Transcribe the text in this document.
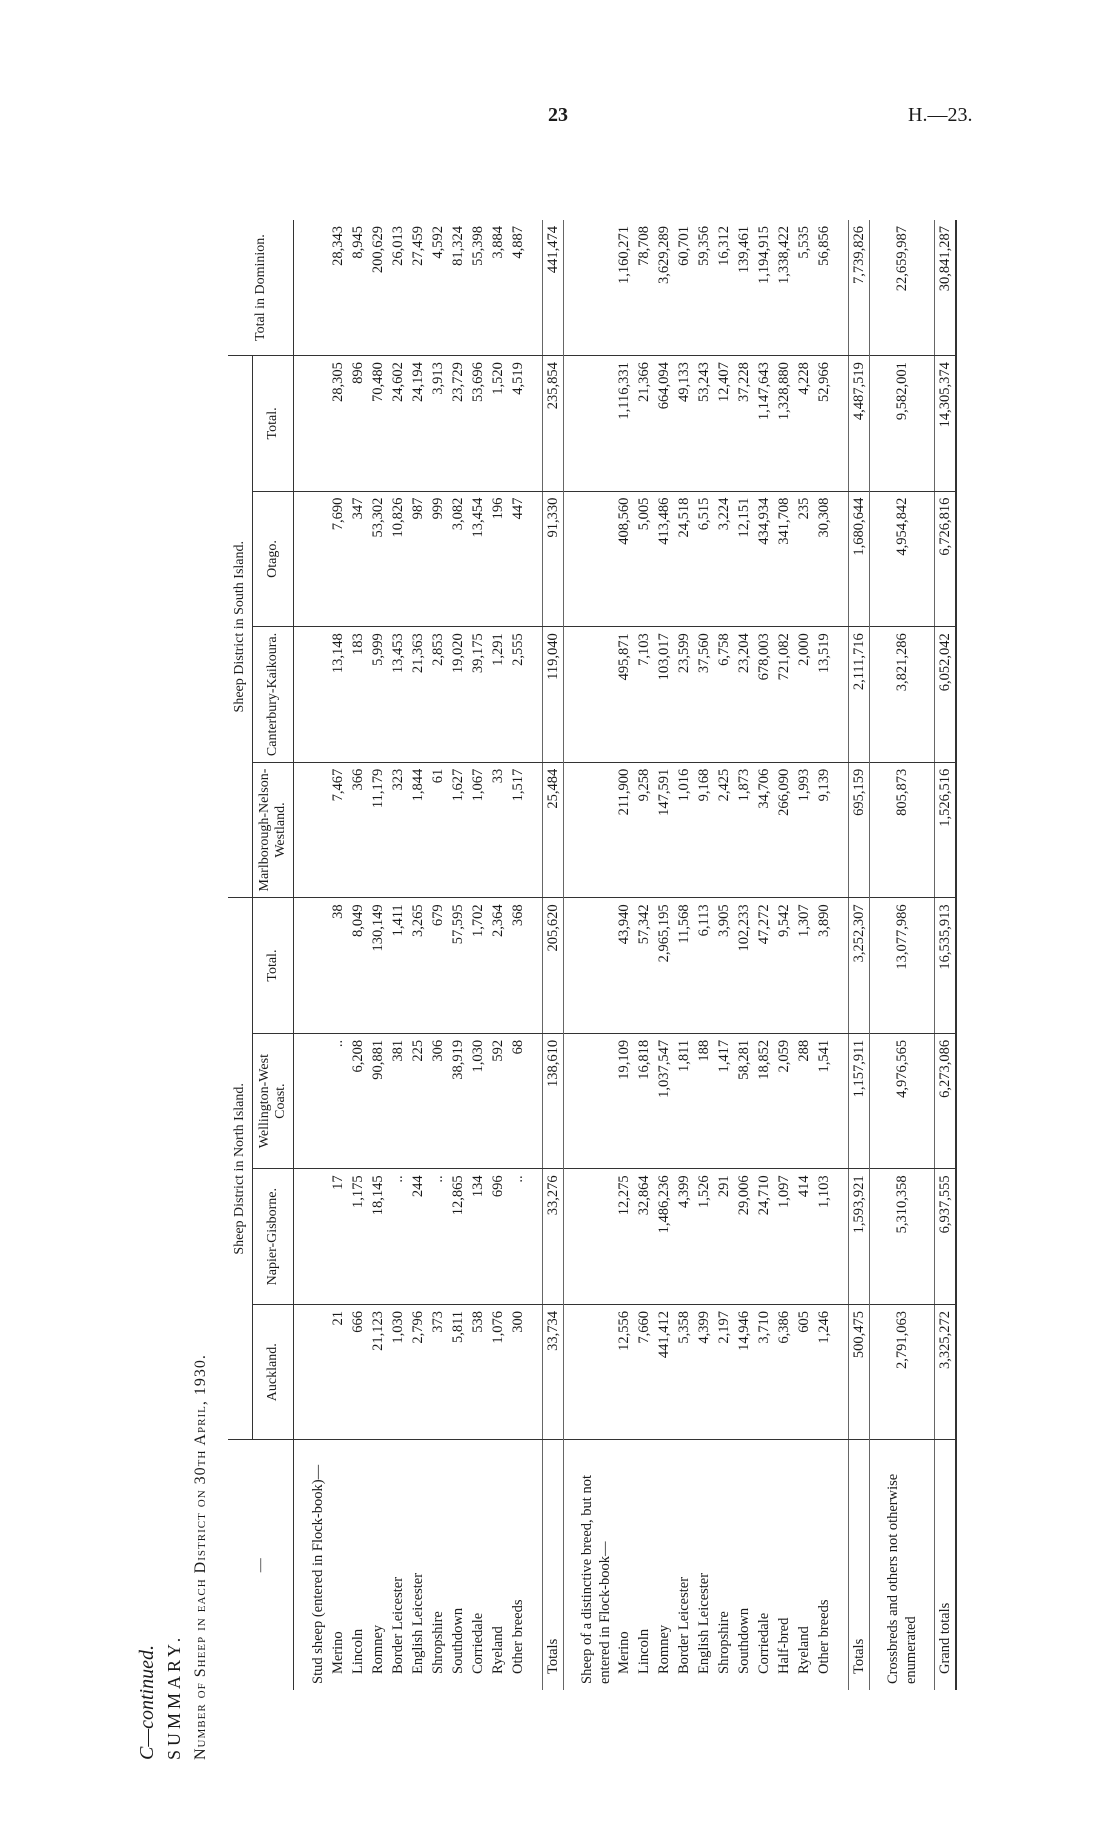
23	H.—23.
C—continued. SUMMARY. Number of Sheep in each District on 30th April, 1930.	—	Sheep District in North Island.				Sheep District in South Island.				Total in Dominion.
	Auckland.	Napier-Gisborne.	Wellington-West Coast.	Total.	Marlborough-Nelson-Westland.	Canterbury-Kaikoura.	Otago.	Total.	

Stud sheep (entered in Flock-book)—									
Merino	21	17	..	38	7,467	13,148	7,690	28,305	28,343
Lincoln	666	1,175	6,208	8,049	366	183	347	896	8,945
Romney	21,123	18,145	90,881	130,149	11,179	5,999	53,302	70,480	200,629
Border Leicester	1,030	..	381	1,411	323	13,453	10,826	24,602	26,013
English Leicester	2,796	244	225	3,265	1,844	21,363	987	24,194	27,459
Shropshire	373	..	306	679	61	2,853	999	3,913	4,592
Southdown	5,811	12,865	38,919	57,595	1,627	19,020	3,082	23,729	81,324
Corriedale	538	134	1,030	1,702	1,067	39,175	13,454	53,696	55,398
Ryeland	1,076	696	592	2,364	33	1,291	196	1,520	3,884
Other breeds	300	..	68	368	1,517	2,555	447	4,519	4,887

Totals	33,734	33,276	138,610	205,620	25,484	119,040	91,330	235,854	441,474

Sheep of a distinctive breed, but not entered in Flock-book—									
Merino	12,556	12,275	19,109	43,940	211,900	495,871	408,560	1,116,331	1,160,271
Lincoln	7,660	32,864	16,818	57,342	9,258	7,103	5,005	21,366	78,708
Romney	441,412	1,486,236	1,037,547	2,965,195	147,591	103,017	413,486	664,094	3,629,289
Border Leicester	5,358	4,399	1,811	11,568	1,016	23,599	24,518	49,133	60,701
English Leicester	4,399	1,526	188	6,113	9,168	37,560	6,515	53,243	59,356
Shropshire	2,197	291	1,417	3,905	2,425	6,758	3,224	12,407	16,312
Southdown	14,946	29,006	58,281	102,233	1,873	23,204	12,151	37,228	139,461
Corriedale	3,710	24,710	18,852	47,272	34,706	678,003	434,934	1,147,643	1,194,915
Half-bred	6,386	1,097	2,059	9,542	266,090	721,082	341,708	1,328,880	1,338,422
Ryeland	605	414	288	1,307	1,993	2,000	235	4,228	5,535
Other breeds	1,246	1,103	1,541	3,890	9,139	13,519	30,308	52,966	56,856

Totals	500,475	1,593,921	1,157,911	3,252,307	695,159	2,111,716	1,680,644	4,487,519	7,739,826

Crossbreds and others not otherwise enumerated	2,791,063	5,310,358	4,976,565	13,077,986	805,873	3,821,286	4,954,842	9,582,001	22,659,987

Grand totals	3,325,272	6,937,555	6,273,086	16,535,913	1,526,516	6,052,042	6,726,816	14,305,374	30,841,287
